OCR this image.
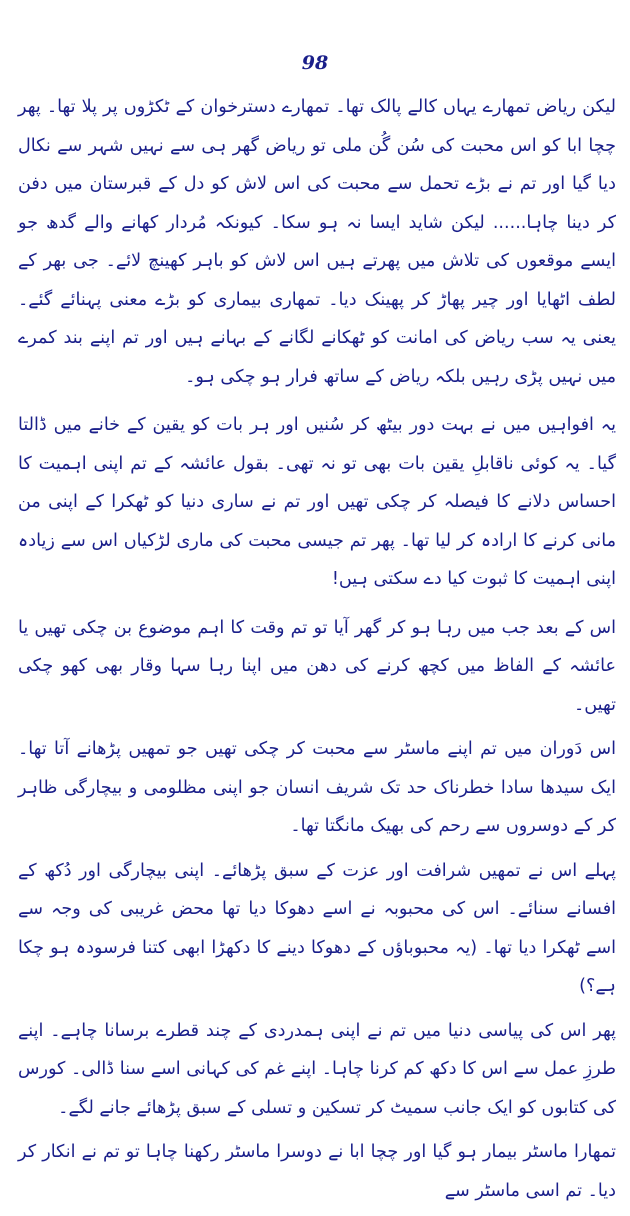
98

لیکن ریاض تمھارے یہاں کالے پالک تھا۔ تمھارے دسترخوان کے ٹکڑوں پر پلا تھا۔ پھر چچا ابا کو اس محبت کی سُن گُن ملی تو ریاض گھر ہی سے نہیں شہر سے نکال دیا گیا اور تم نے بڑے تحمل سے محبت کی اس لاش کو دل کے قبرستان میں دفن کر دینا چاہا...... لیکن شاید ایسا نہ ہو سکا۔ کیونکہ مُردار کھانے والے گدھ جو ایسے موقعوں کی تلاش میں پھرتے ہیں اس لاش کو باہر کھینچ لائے۔ جی بھر کے لطف اٹھایا اور چیر پھاڑ کر پھینک دیا۔ تمھاری بیماری کو بڑے معنی پہنائے گئے۔ یعنی یہ سب ریاض کی امانت کو ٹھکانے لگانے کے بہانے ہیں اور تم اپنے بند کمرے میں نہیں پڑی رہیں بلکہ ریاض کے ساتھ فرار ہو چکی ہو۔

یہ افواہیں میں نے بہت دور بیٹھ کر سُنیں اور ہر بات کو یقین کے خانے میں ڈالتا گیا۔ یہ کوئی ناقابلِ یقین بات بھی تو نہ تھی۔ بقول عائشہ کے تم اپنی اہمیت کا احساس دلانے کا فیصلہ کر چکی تھیں اور تم نے ساری دنیا کو ٹھکرا کے اپنی من مانی کرنے کا ارادہ کر لیا تھا۔ پھر تم جیسی محبت کی ماری لڑکیاں اس سے زیادہ اپنی اہمیت کا ثبوت کیا دے سکتی ہیں!

اس کے بعد جب میں رہا ہو کر گھر آیا تو تم وقت کا اہم موضوع بن چکی تھیں یا عائشہ کے الفاظ میں کچھ کرنے کی دھن میں اپنا رہا سہا وقار بھی کھو چکی تھیں۔

اس دَوران میں تم اپنے ماسٹر سے محبت کر چکی تھیں جو تمھیں پڑھانے آتا تھا۔ ایک سیدھا سادا خطرناک حد تک شریف انسان جو اپنی مظلومی و بیچارگی ظاہر کر کے دوسروں سے رحم کی بھیک مانگتا تھا۔

پہلے اس نے تمھیں شرافت اور عزت کے سبق پڑھائے۔ اپنی بیچارگی اور دُکھ کے افسانے سنائے۔ اس کی محبوبہ نے اسے دھوکا دیا تھا محض غریبی کی وجہ سے اسے ٹھکرا دیا تھا۔ (یہ محبوباؤں کے دھوکا دینے کا دکھڑا ابھی کتنا فرسودہ ہو چکا ہے؟)

پھر اس کی پیاسی دنیا میں تم نے اپنی ہمدردی کے چند قطرے برسانا چاہے۔ اپنے طرزِ عمل سے اس کا دکھ کم کرنا چاہا۔ اپنے غم کی کہانی اسے سنا ڈالی۔ کورس کی کتابوں کو ایک جانب سمیٹ کر تسکین و تسلی کے سبق پڑھائے جانے لگے۔

تمھارا ماسٹر بیمار ہو گیا اور چچا ابا نے دوسرا ماسٹر رکھنا چاہا تو تم نے انکار کر دیا۔ تم اسی ماسٹر سے
